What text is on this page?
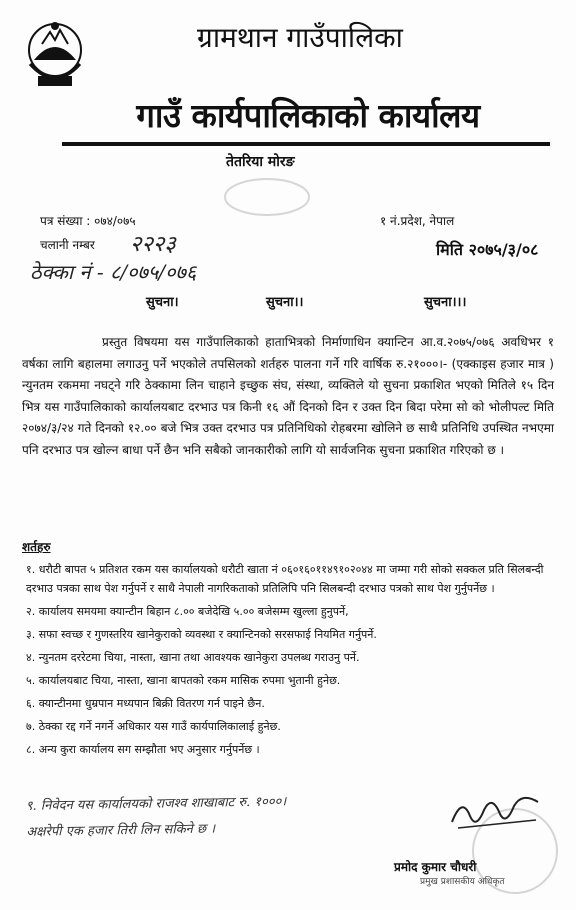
ग्रामथान गाउँपालिका
गाउँ कार्यपालिकाको कार्यालय
तेतरिया मोरङ
पत्र संख्या : ०७४/०७५	१ नं.प्रदेश, नेपाल
चलानी नम्बर २२२३	मिति २०७५/३/०८
ठेक्का नं - ८/०७५/०७६
सुचना।	सुचना।।	सुचना।।।
प्रस्तुत विषयमा यस गाउँपालिकाको हाताभित्रको निर्माणाधिन क्यान्टिन आ.व.२०७५/०७६ अवधिभर १ वर्षका लागि बहालमा लगाउनु पर्ने भएकोले तपसिलको शर्तहरु पालना गर्ने गरि वार्षिक रु.२१०००।- (एक्काइस हजार मात्र ) न्युनतम रकममा नघट्ने गरि ठेक्कामा लिन चाहाने इच्छुक संघ, संस्था, व्यक्तिले यो सुचना प्रकाशित भएको मितिले १५ दिन भित्र यस गाउँपालिकाको कार्यालयबाट दरभाउ पत्र किनी १६ औं दिनको दिन र उक्त दिन बिदा परेमा सो को भोलीपल्ट मिति २०७४/३/२४ गते दिनको १२.०० बजे भित्र उक्त दरभाउ पत्र प्रतिनिधिको रोहबरमा खोलिने छ साथै प्रतिनिधि उपस्थित नभएमा पनि दरभाउ पत्र खोल्न बाधा पर्ने छैन भनि सबैको जानकारीको लागि यो सार्वजनिक सुचना प्रकाशित गरिएको छ ।
शर्तहरु
१. धरौटी बापत ५ प्रतिशत रकम यस कार्यालयको धरौटी खाता नं ०६०१६०११४९१०२०४४ मा जम्मा गरी सोको सक्कल प्रति सिलबन्दी दरभाउ पत्रका साथ पेश गर्नुपर्ने र साथै नेपाली नागरिकताको प्रतिलिपि पनि सिलबन्दी दरभाउ पत्रको साथ पेश गुर्नुपर्नेछ ।
२. कार्यालय समयमा क्यान्टीन बिहान ८.०० बजेदेखि ५.०० बजेसम्म खुल्ला हुनुपर्ने,
३. सफा स्वच्छ र गुणस्तरिय खानेकुराको व्यवस्था र क्यान्टिनको सरसफाई नियमित गर्नुपर्ने.
४. न्युनतम दररेटमा चिया, नास्ता, खाना तथा आवश्यक खानेकुरा उपलब्ध गराउनु पर्ने.
५. कार्यालयबाट चिया, नास्ता, खाना बापतको रकम मासिक रुपमा भुतानी हुनेछ.
६. क्यान्टीनमा धुम्रपान मध्यपान बिक्री वितरण गर्न पाइने छैन.
७. ठेक्का रद्द गर्ने नगर्ने अधिकार यस गाउँ कार्यपालिकालाई हुनेछ.
८. अन्य कुरा कार्यालय सग सम्झौता भए अनुसार गर्नुपर्नेछ ।
९. निवेदन यस कार्यालयको राजश्व शाखाबाट रु. १०००।
अक्षरेपी एक हजार तिरी लिन सकिने छ ।
प्रमोद कुमार चौधरी
प्रमुख प्रशासकीय अधिकृत
